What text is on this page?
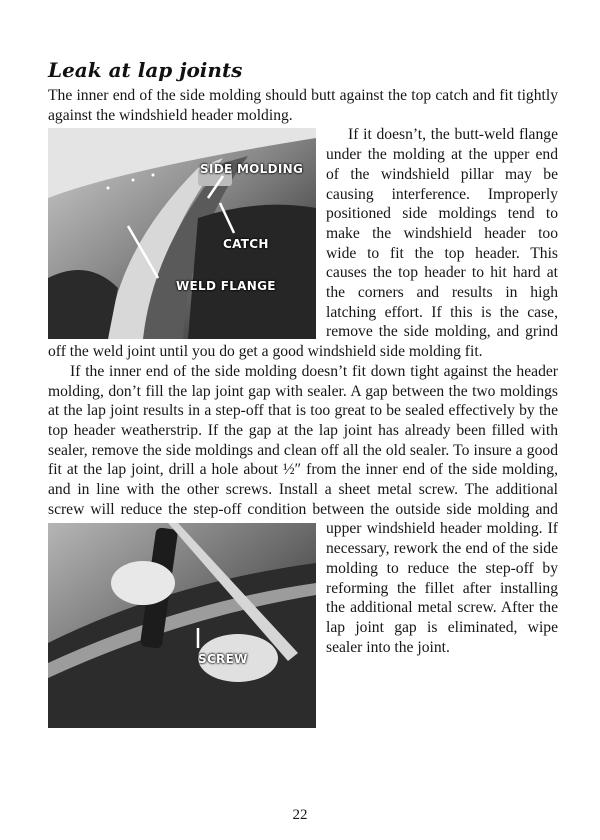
Leak at lap joints

The inner end of the side molding should butt against the top catch and fit tightly against the windshield header molding.

SIDE MOLDING
CATCH
WELD FLANGE

If it doesn’t, the butt-weld flange under the molding at the upper end of the windshield pillar may be causing interference. Improperly positioned side moldings tend to make the windshield header too wide to fit the top header. This causes the top header to hit hard at the corners and results in high latching effort. If this is the case, remove the side molding, and grind off the weld joint until you do get a good windshield side molding fit.

If the inner end of the side molding doesn’t fit down tight against the header molding, don’t fill the lap joint gap with sealer. A gap between the two moldings at the lap joint results in a step-off that is too great to be sealed effectively by the top header weatherstrip. If the gap at the lap joint has already been filled with sealer, remove the side moldings and clean off all the old sealer. To insure a good fit at the lap joint, drill a hole about ½″ from the inner end of the side molding, and in line with the other screws. Install a sheet metal screw. The additional screw will reduce the step-off condition between
SCREW
the outside side molding and upper windshield header molding. If necessary, rework the end of the side molding to reduce the step-off by reforming the fillet after installing the additional metal screw. After the lap joint gap is eliminated, wipe sealer into the joint.

22
